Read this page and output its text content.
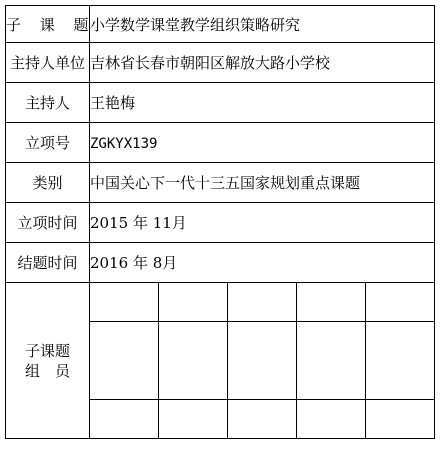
子 课 题	小学数学课堂教学组织策略研究
主持人单位	吉林省长春市朝阳区解放大路小学校
主持人	王艳梅
立项号	ZGKYX139
类别	中国关心下一代十三五国家规划重点课题
立项时间	2015 年 11月
结题时间	2016 年 8月

子课题
组　员
